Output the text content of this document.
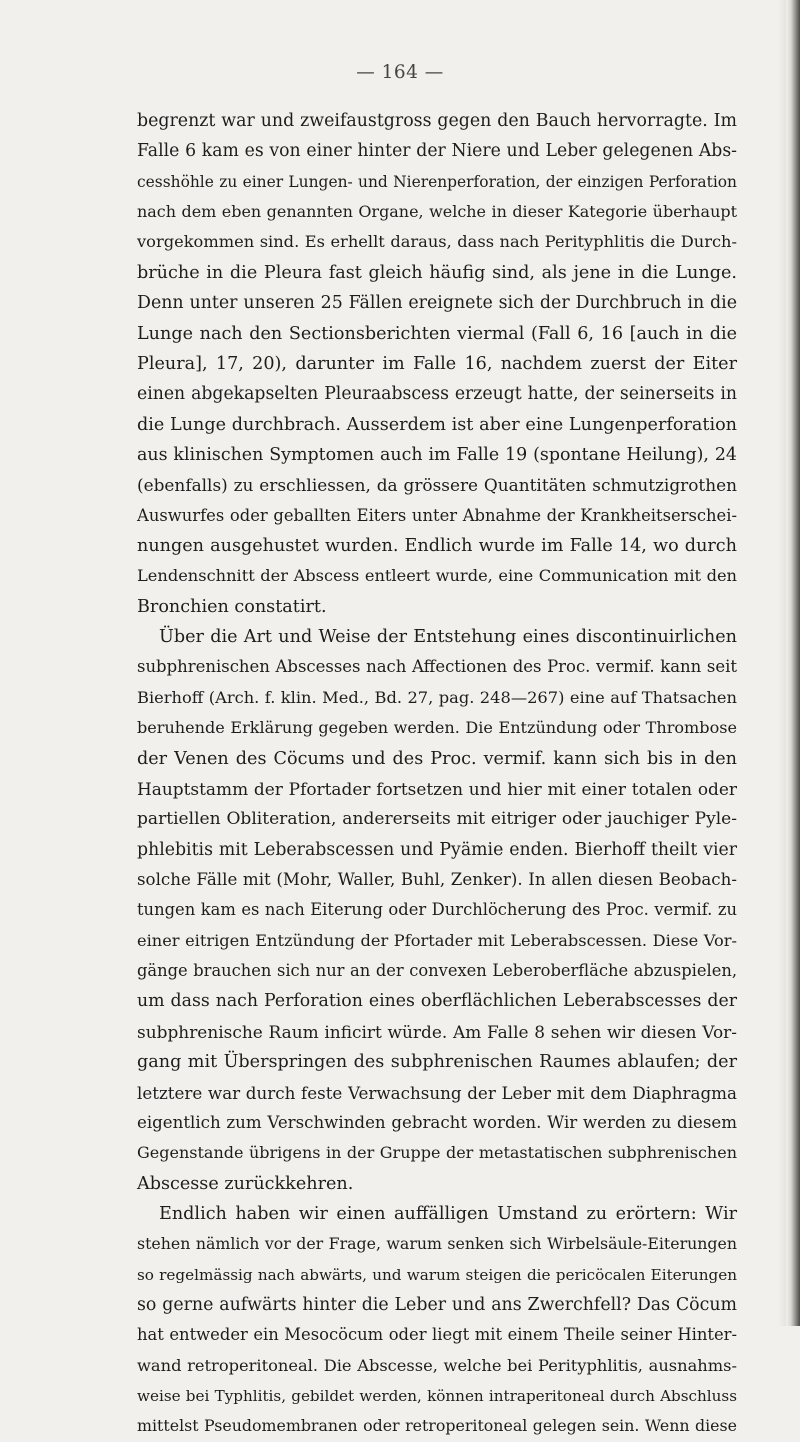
— 164 —
begrenzt war und zweifaustgross gegen den Bauch hervorragte. Im
Falle 6 kam es von einer hinter der Niere und Leber gelegenen Abs-
cesshöhle zu einer Lungen- und Nierenperforation, der einzigen Perforation
nach dem eben genannten Organe, welche in dieser Kategorie überhaupt
vorgekommen sind. Es erhellt daraus, dass nach Perityphlitis die Durch-
brüche in die Pleura fast gleich häufig sind, als jene in die Lunge.
Denn unter unseren 25 Fällen ereignete sich der Durchbruch in die
Lunge nach den Sectionsberichten viermal (Fall 6, 16 [auch in die
Pleura], 17, 20), darunter im Falle 16, nachdem zuerst der Eiter
einen abgekapselten Pleuraabscess erzeugt hatte, der seinerseits in
die Lunge durchbrach. Ausserdem ist aber eine Lungenperforation
aus klinischen Symptomen auch im Falle 19 (spontane Heilung), 24
(ebenfalls) zu erschliessen, da grössere Quantitäten schmutzigrothen
Auswurfes oder geballten Eiters unter Abnahme der Krankheitserschei-
nungen ausgehustet wurden. Endlich wurde im Falle 14, wo durch
Lendenschnitt der Abscess entleert wurde, eine Communication mit den
Bronchien constatirt.
Über die Art und Weise der Entstehung eines discontinuirlichen
subphrenischen Abscesses nach Affectionen des Proc. vermif. kann seit
Bierhoff (Arch. f. klin. Med., Bd. 27, pag. 248—267) eine auf Thatsachen
beruhende Erklärung gegeben werden. Die Entzündung oder Thrombose
der Venen des Cöcums und des Proc. vermif. kann sich bis in den
Hauptstamm der Pfortader fortsetzen und hier mit einer totalen oder
partiellen Obliteration, andererseits mit eitriger oder jauchiger Pyle-
phlebitis mit Leberabscessen und Pyämie enden. Bierhoff theilt vier
solche Fälle mit (Mohr, Waller, Buhl, Zenker). In allen diesen Beobach-
tungen kam es nach Eiterung oder Durchlöcherung des Proc. vermif. zu
einer eitrigen Entzündung der Pfortader mit Leberabscessen. Diese Vor-
gänge brauchen sich nur an der convexen Leberoberfläche abzuspielen,
um dass nach Perforation eines oberflächlichen Leberabscesses der
subphrenische Raum inficirt würde. Am Falle 8 sehen wir diesen Vor-
gang mit Überspringen des subphrenischen Raumes ablaufen; der
letztere war durch feste Verwachsung der Leber mit dem Diaphragma
eigentlich zum Verschwinden gebracht worden. Wir werden zu diesem
Gegenstande übrigens in der Gruppe der metastatischen subphrenischen
Abscesse zurückkehren.
Endlich haben wir einen auffälligen Umstand zu erörtern: Wir
stehen nämlich vor der Frage, warum senken sich Wirbelsäule-Eiterungen
so regelmässig nach abwärts, und warum steigen die pericöcalen Eiterungen
so gerne aufwärts hinter die Leber und ans Zwerchfell? Das Cöcum
hat entweder ein Mesocöcum oder liegt mit einem Theile seiner Hinter-
wand retroperitoneal. Die Abscesse, welche bei Perityphlitis, ausnahms-
weise bei Typhlitis, gebildet werden, können intraperitoneal durch Abschluss
mittelst Pseudomembranen oder retroperitoneal gelegen sein. Wenn diese
